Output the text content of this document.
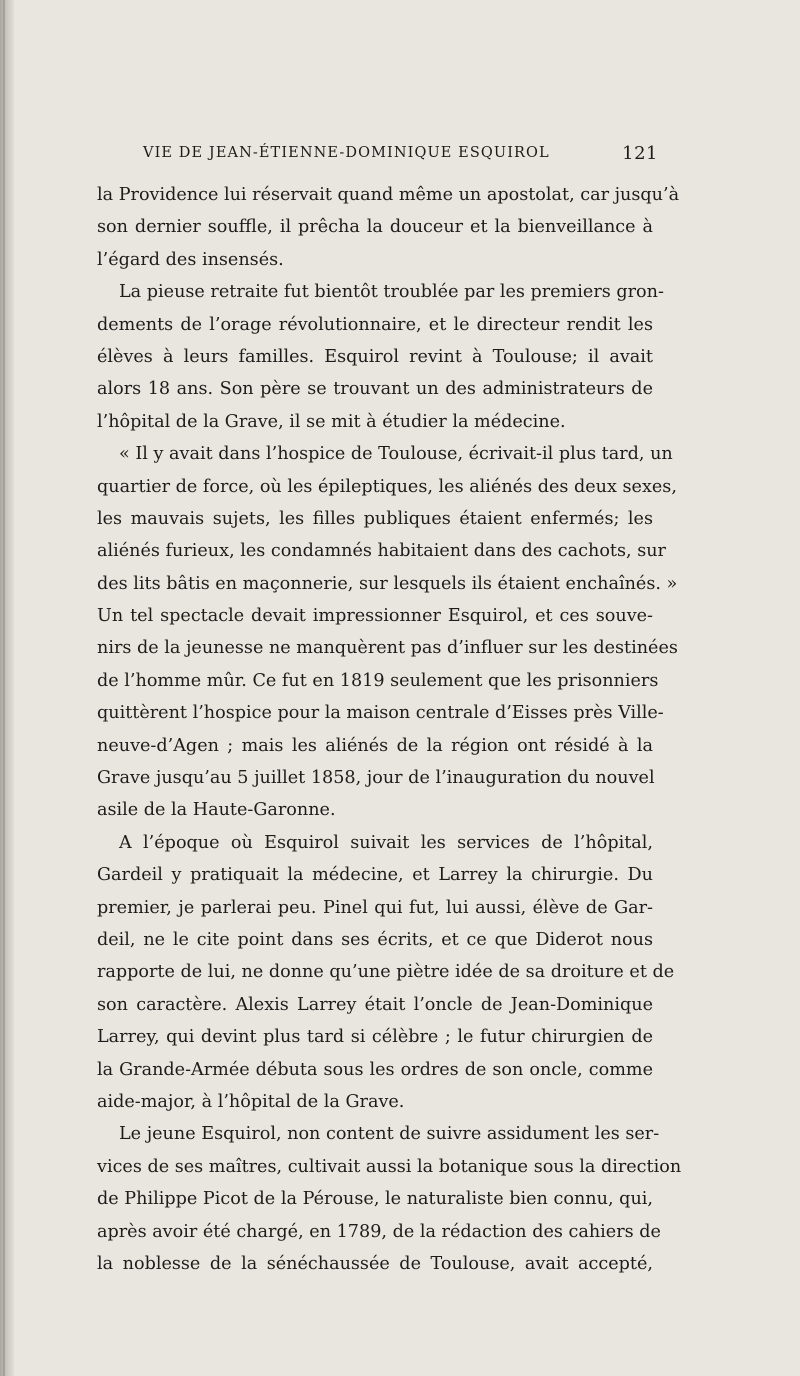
VIE DE JEAN-ÉTIENNE-DOMINIQUE ESQUIROL	121
la Providence lui réservait quand même un apostolat, car jusqu’à
son dernier souffle, il prêcha la douceur et la bienveillance à
l’égard des insensés.
La pieuse retraite fut bientôt troublée par les premiers gron-
dements de l’orage révolutionnaire, et le directeur rendit les
élèves à leurs familles. Esquirol revint à Toulouse; il avait
alors 18 ans. Son père se trouvant un des administrateurs de
l’hôpital de la Grave, il se mit à étudier la médecine.
« Il y avait dans l’hospice de Toulouse, écrivait-il plus tard, un
quartier de force, où les épileptiques, les aliénés des deux sexes,
les mauvais sujets, les filles publiques étaient enfermés; les
aliénés furieux, les condamnés habitaient dans des cachots, sur
des lits bâtis en maçonnerie, sur lesquels ils étaient enchaînés. »
Un tel spectacle devait impressionner Esquirol, et ces souve-
nirs de la jeunesse ne manquèrent pas d’influer sur les destinées
de l’homme mûr. Ce fut en 1819 seulement que les prisonniers
quittèrent l’hospice pour la maison centrale d’Eisses près Ville-
neuve-d’Agen ; mais les aliénés de la région ont résidé à la
Grave jusqu’au 5 juillet 1858, jour de l’inauguration du nouvel
asile de la Haute-Garonne.
A l’époque où Esquirol suivait les services de l’hôpital,
Gardeil y pratiquait la médecine, et Larrey la chirurgie. Du
premier, je parlerai peu. Pinel qui fut, lui aussi, élève de Gar-
deil, ne le cite point dans ses écrits, et ce que Diderot nous
rapporte de lui, ne donne qu’une piètre idée de sa droiture et de
son caractère. Alexis Larrey était l’oncle de Jean-Dominique
Larrey, qui devint plus tard si célèbre ; le futur chirurgien de
la Grande-Armée débuta sous les ordres de son oncle, comme
aide-major, à l’hôpital de la Grave.
Le jeune Esquirol, non content de suivre assidument les ser-
vices de ses maîtres, cultivait aussi la botanique sous la direction
de Philippe Picot de la Pérouse, le naturaliste bien connu, qui,
après avoir été chargé, en 1789, de la rédaction des cahiers de
la noblesse de la sénéchaussée de Toulouse, avait accepté,
